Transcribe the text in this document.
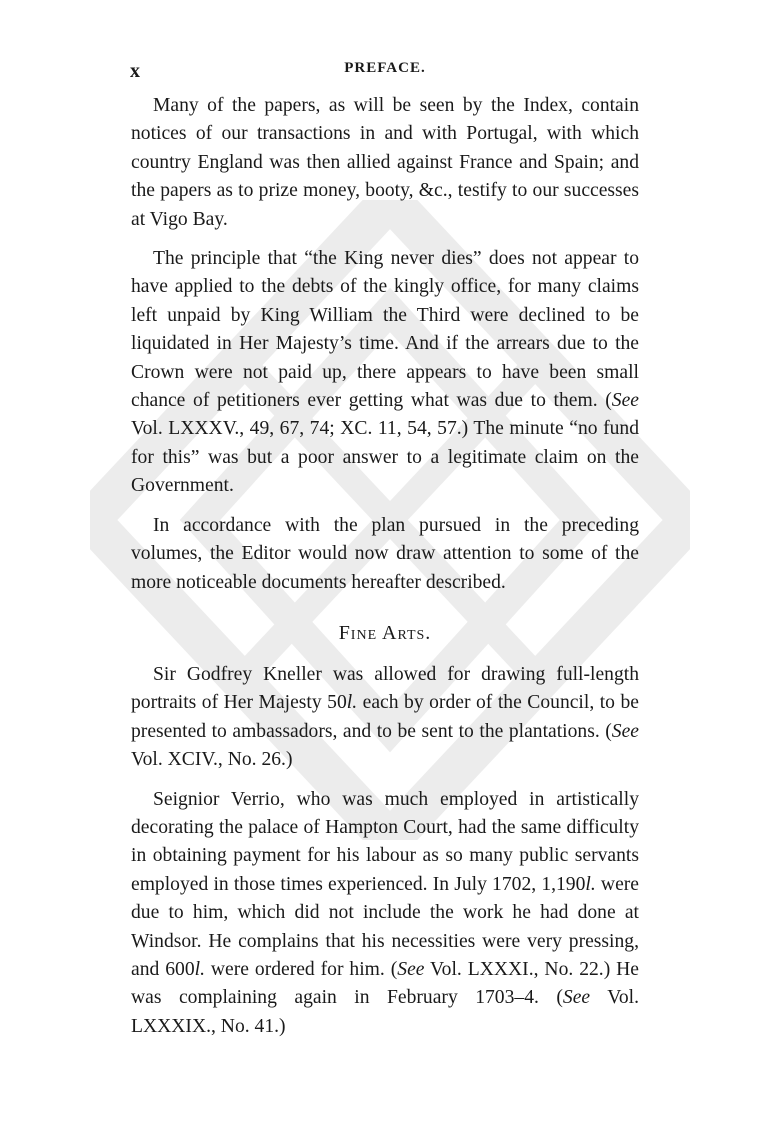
x	PREFACE.

Many of the papers, as will be seen by the Index, contain notices of our transactions in and with Portugal, with which country England was then allied against France and Spain; and the papers as to prize money, booty, &c., testify to our successes at Vigo Bay.

The principle that “the King never dies” does not appear to have applied to the debts of the kingly office, for many claims left unpaid by King William the Third were declined to be liquidated in Her Majesty’s time. And if the arrears due to the Crown were not paid up, there appears to have been small chance of petitioners ever getting what was due to them. (See Vol. LXXXV., 49, 67, 74; XC. 11, 54, 57.) The minute “no fund for this” was but a poor answer to a legitimate claim on the Government.

In accordance with the plan pursued in the preceding volumes, the Editor would now draw attention to some of the more noticeable documents hereafter described.

Fine Arts.

Sir Godfrey Kneller was allowed for drawing full-length portraits of Her Majesty 50l. each by order of the Council, to be presented to ambassadors, and to be sent to the plantations. (See Vol. XCIV., No. 26.)

Seignior Verrio, who was much employed in artistically decorating the palace of Hampton Court, had the same difficulty in obtaining payment for his labour as so many public servants employed in those times experienced. In July 1702, 1,190l. were due to him, which did not include the work he had done at Windsor. He complains that his necessities were very pressing, and 600l. were ordered for him. (See Vol. LXXXI., No. 22.) He was complaining again in February 1703–4. (See Vol. LXXXIX., No. 41.)
